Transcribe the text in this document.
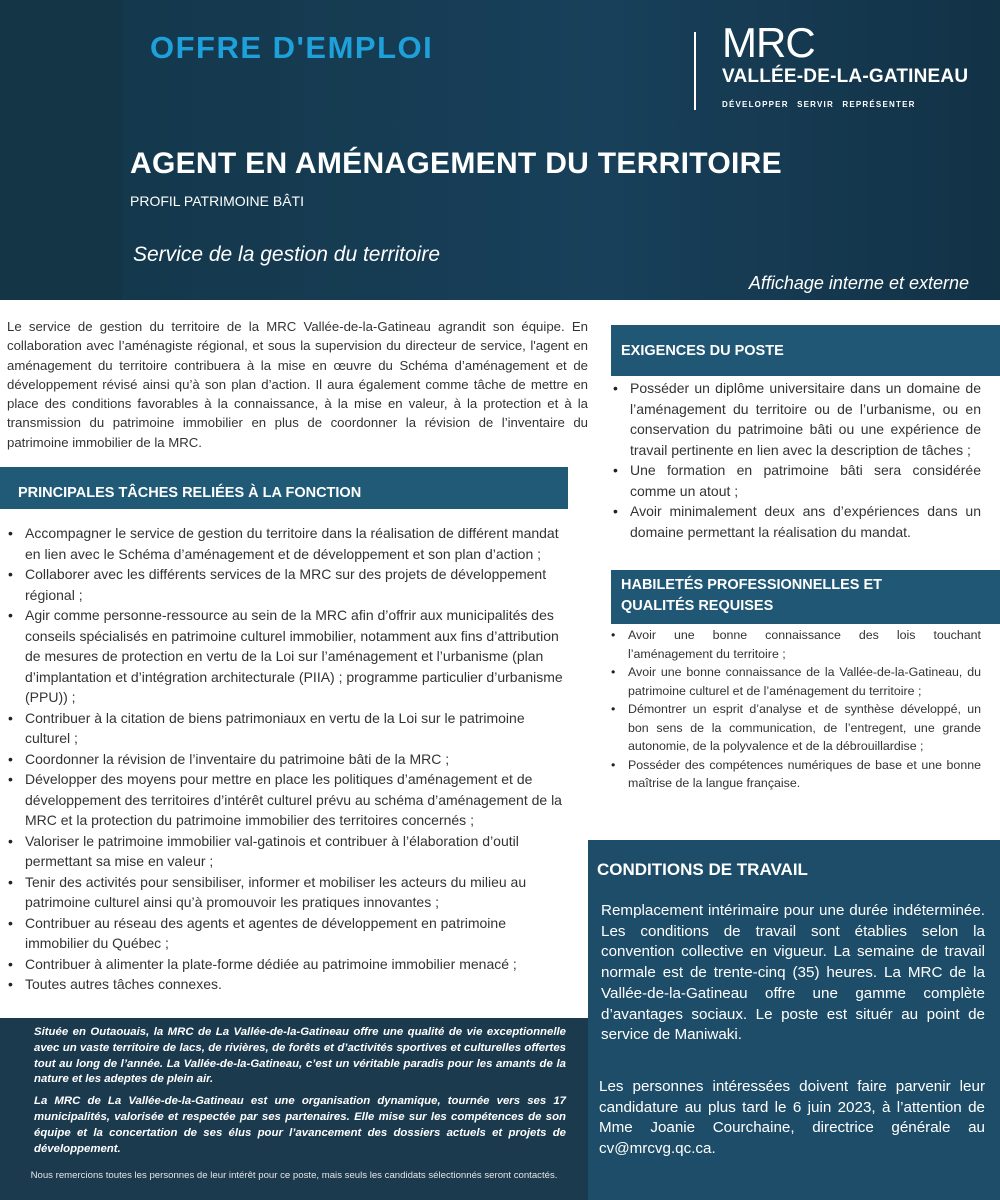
OFFRE D'EMPLOI	MRC
VALLÉE-DE-LA-GATINEAU
DÉVELOPPER SERVIR REPRÉSENTER
AGENT EN AMÉNAGEMENT DU TERRITOIRE
PROFIL PATRIMOINE BÂTI
Service de la gestion du territoire
Affichage interne et externe

Le service de gestion du territoire de la MRC Vallée-de-la-Gatineau agrandit son équipe. En collaboration avec l’aménagiste régional, et sous la supervision du directeur de service, l'agent en aménagement du territoire contribuera à la mise en œuvre du Schéma d’aménagement et de développement révisé ainsi qu’à son plan d’action. Il aura également comme tâche de mettre en place des conditions favorables à la connaissance, à la mise en valeur, à la protection et à la transmission du patrimoine immobilier en plus de coordonner la révision de l’inventaire du patrimoine immobilier de la MRC.

PRINCIPALES TÂCHES RELIÉES À LA FONCTION
• Accompagner le service de gestion du territoire dans la réalisation de différent mandat en lien avec le Schéma d’aménagement et de développement et son plan d’action ;
• Collaborer avec les différents services de la MRC sur des projets de développement régional ;
• Agir comme personne-ressource au sein de la MRC afin d’offrir aux municipalités des conseils spécialisés en patrimoine culturel immobilier, notamment aux fins d’attribution de mesures de protection en vertu de la Loi sur l’aménagement et l’urbanisme (plan d’implantation et d’intégration architecturale (PIIA) ; programme particulier d’urbanisme (PPU)) ;
• Contribuer à la citation de biens patrimoniaux en vertu de la Loi sur le patrimoine culturel ;
• Coordonner la révision de l’inventaire du patrimoine bâti de la MRC ;
• Développer des moyens pour mettre en place les politiques d’aménagement et de développement des territoires d’intérêt culturel prévu au schéma d’aménagement de la MRC et la protection du patrimoine immobilier des territoires concernés ;
• Valoriser le patrimoine immobilier val-gatinois et contribuer à l’élaboration d’outil permettant sa mise en valeur ;
• Tenir des activités pour sensibiliser, informer et mobiliser les acteurs du milieu au patrimoine culturel ainsi qu’à promouvoir les pratiques innovantes ;
• Contribuer au réseau des agents et agentes de développement en patrimoine immobilier du Québec ;
• Contribuer à alimenter la plate-forme dédiée au patrimoine immobilier menacé ;
• Toutes autres tâches connexes.
EXIGENCES DU POSTE
• Posséder un diplôme universitaire dans un domaine de l’aménagement du territoire ou de l’urbanisme, ou en conservation du patrimoine bâti ou une expérience de travail pertinente en lien avec la description de tâches ;
• Une formation en patrimoine bâti sera considérée comme un atout ;
• Avoir minimalement deux ans d’expériences dans un domaine permettant la réalisation du mandat.
HABILETÉS PROFESSIONNELLES ET
QUALITÉS REQUISES
• Avoir une bonne connaissance des lois touchant l’aménagement du territoire ;
• Avoir une bonne connaissance de la Vallée-de-la-Gatineau, du patrimoine culturel et de l’aménagement du territoire ;
• Démontrer un esprit d’analyse et de synthèse développé, un bon sens de la communication, de l’entregent, une grande autonomie, de la polyvalence et de la débrouillardise ;
• Posséder des compétences numériques de base et une bonne maîtrise de la langue française.

Située en Outaouais, la MRC de La Vallée-de-la-Gatineau offre une qualité de vie exceptionnelle avec un vaste territoire de lacs, de rivières, de forêts et d’activités sportives et culturelles offertes tout au long de l’année. La Vallée-de-la-Gatineau, c’est un véritable paradis pour les amants de la nature et les adeptes de plein air.

La MRC de La Vallée-de-la-Gatineau est une organisation dynamique, tournée vers ses 17 municipalités, valorisée et respectée par ses partenaires. Elle mise sur les compétences de son équipe et la concertation de ses élus pour l’avancement des dossiers actuels et projets de développement.

Nous remercions toutes les personnes de leur intérêt pour ce poste, mais seuls les candidats sélectionnés seront contactés.
CONDITIONS DE TRAVAIL

Remplacement intérimaire pour une durée indéterminée. Les conditions de travail sont établies selon la convention collective en vigueur. La semaine de travail normale est de trente-cinq (35) heures. La MRC de la Vallée-de-la-Gatineau offre une gamme complète d’avantages sociaux. Le poste est situér au point de service de Maniwaki.

Les personnes intéressées doivent faire parvenir leur candidature au plus tard le 6 juin 2023, à l’attention de Mme Joanie Courchaine, directrice générale au cv@mrcvg.qc.ca.
